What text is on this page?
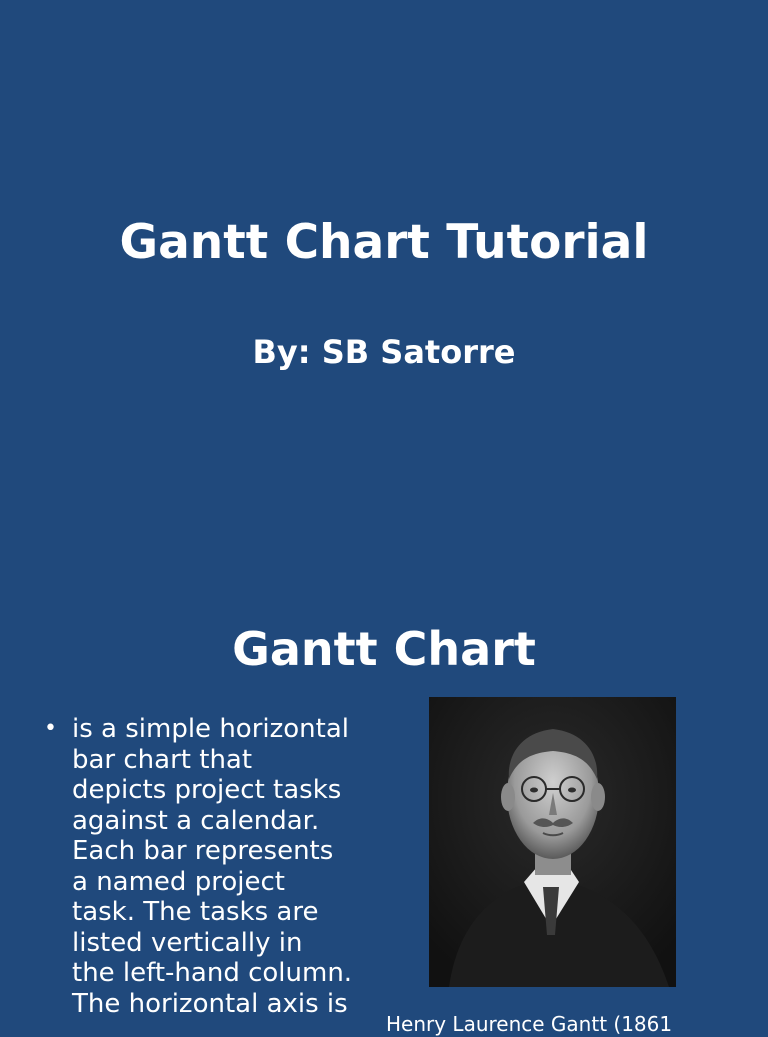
Gantt Chart Tutorial
By: SB Satorre
Gantt Chart
• is a simple horizontal
bar chart that
depicts project tasks
against a calendar.
Each bar represents
a named project
task. The tasks are
listed vertically in
the left-hand column.
The horizontal axis is
Henry Laurence Gantt (1861
